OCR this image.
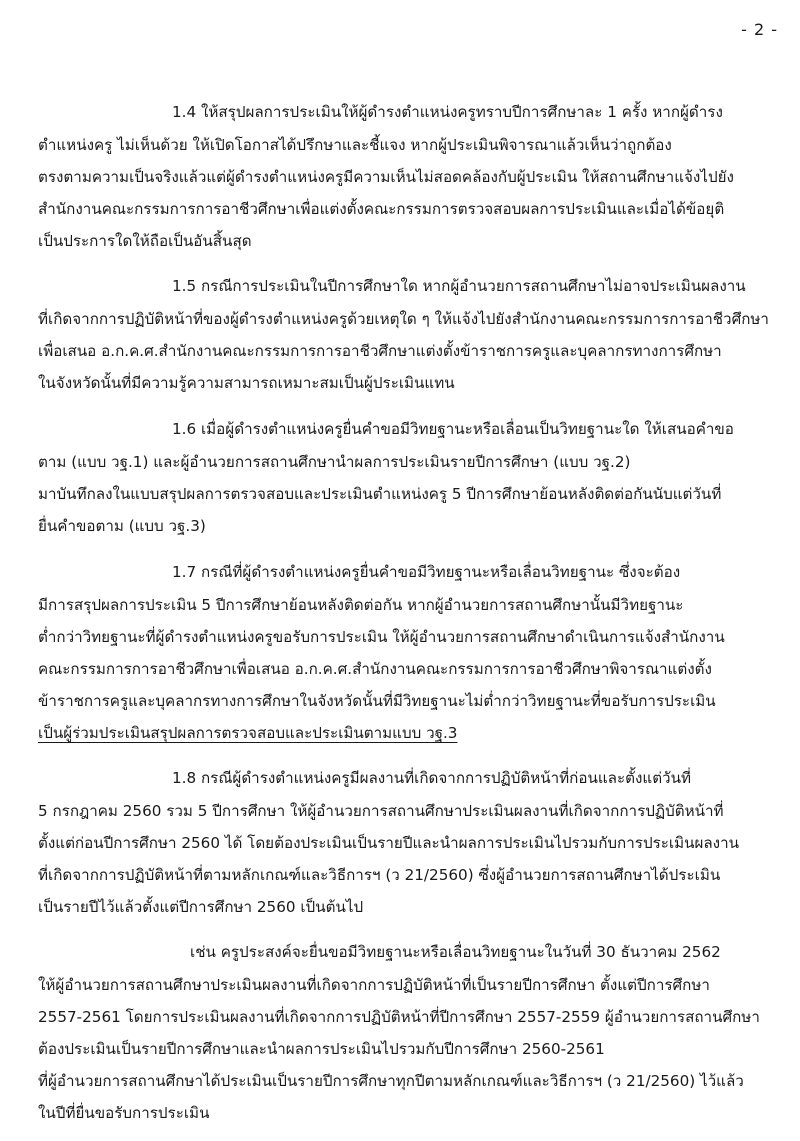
- 2 -
1.4 ให้สรุปผลการประเมินให้ผู้ดำรงตำแหน่งครูทราบปีการศึกษาละ 1 ครั้ง หากผู้ดำรง
ตำแหน่งครู ไม่เห็นด้วย ให้เปิดโอกาสได้ปรึกษาและชี้แจง หากผู้ประเมินพิจารณาแล้วเห็นว่าถูกต้อง
ตรงตามความเป็นจริงแล้วแต่ผู้ดำรงตำแหน่งครูมีความเห็นไม่สอดคล้องกับผู้ประเมิน ให้สถานศึกษาแจ้งไปยัง
สำนักงานคณะกรรมการการอาชีวศึกษาเพื่อแต่งตั้งคณะกรรมการตรวจสอบผลการประเมินและเมื่อได้ข้อยุติ
เป็นประการใดให้ถือเป็นอันสิ้นสุด
1.5 กรณีการประเมินในปีการศึกษาใด หากผู้อำนวยการสถานศึกษาไม่อาจประเมินผลงาน
ที่เกิดจากการปฏิบัติหน้าที่ของผู้ดำรงตำแหน่งครูด้วยเหตุใด ๆ ให้แจ้งไปยังสำนักงานคณะกรรมการการอาชีวศึกษา
เพื่อเสนอ อ.ก.ค.ศ.สำนักงานคณะกรรมการการอาชีวศึกษาแต่งตั้งข้าราชการครูและบุคลากรทางการศึกษา
ในจังหวัดนั้นที่มีความรู้ความสามารถเหมาะสมเป็นผู้ประเมินแทน
1.6 เมื่อผู้ดำรงตำแหน่งครูยื่นคำขอมีวิทยฐานะหรือเลื่อนเป็นวิทยฐานะใด ให้เสนอคำขอ
ตาม (แบบ วฐ.1) และผู้อำนวยการสถานศึกษานำผลการประเมินรายปีการศึกษา (แบบ วฐ.2)
มาบันทึกลงในแบบสรุปผลการตรวจสอบและประเมินตำแหน่งครู 5 ปีการศึกษาย้อนหลังติดต่อกันนับแต่วันที่
ยื่นคำขอตาม (แบบ วฐ.3)
1.7 กรณีที่ผู้ดำรงตำแหน่งครูยื่นคำขอมีวิทยฐานะหรือเลื่อนวิทยฐานะ ซึ่งจะต้อง
มีการสรุปผลการประเมิน 5 ปีการศึกษาย้อนหลังติดต่อกัน หากผู้อำนวยการสถานศึกษานั้นมีวิทยฐานะ
ต่ำกว่าวิทยฐานะที่ผู้ดำรงตำแหน่งครูขอรับการประเมิน ให้ผู้อำนวยการสถานศึกษาดำเนินการแจ้งสำนักงาน
คณะกรรมการการอาชีวศึกษาเพื่อเสนอ อ.ก.ค.ศ.สำนักงานคณะกรรมการการอาชีวศึกษาพิจารณาแต่งตั้ง
ข้าราชการครูและบุคลากรทางการศึกษาในจังหวัดนั้นที่มีวิทยฐานะไม่ต่ำกว่าวิทยฐานะที่ขอรับการประเมิน
เป็นผู้ร่วมประเมินสรุปผลการตรวจสอบและประเมินตามแบบ วฐ.3
1.8 กรณีผู้ดำรงตำแหน่งครูมีผลงานที่เกิดจากการปฏิบัติหน้าที่ก่อนและตั้งแต่วันที่
5 กรกฎาคม 2560 รวม 5 ปีการศึกษา ให้ผู้อำนวยการสถานศึกษาประเมินผลงานที่เกิดจากการปฏิบัติหน้าที่
ตั้งแต่ก่อนปีการศึกษา 2560 ได้ โดยต้องประเมินเป็นรายปีและนำผลการประเมินไปรวมกับการประเมินผลงาน
ที่เกิดจากการปฏิบัติหน้าที่ตามหลักเกณฑ์และวิธีการฯ (ว 21/2560) ซึ่งผู้อำนวยการสถานศึกษาได้ประเมิน
เป็นรายปีไว้แล้วตั้งแต่ปีการศึกษา 2560 เป็นต้นไป
เช่น ครูประสงค์จะยื่นขอมีวิทยฐานะหรือเลื่อนวิทยฐานะในวันที่ 30 ธันวาคม 2562
ให้ผู้อำนวยการสถานศึกษาประเมินผลงานที่เกิดจากการปฏิบัติหน้าที่เป็นรายปีการศึกษา ตั้งแต่ปีการศึกษา
2557-2561 โดยการประเมินผลงานที่เกิดจากการปฏิบัติหน้าที่ปีการศึกษา 2557-2559 ผู้อำนวยการสถานศึกษา
ต้องประเมินเป็นรายปีการศึกษาและนำผลการประเมินไปรวมกับปีการศึกษา 2560-2561
ที่ผู้อำนวยการสถานศึกษาได้ประเมินเป็นรายปีการศึกษาทุกปีตามหลักเกณฑ์และวิธีการฯ (ว 21/2560) ไว้แล้ว
ในปีที่ยื่นขอรับการประเมิน
